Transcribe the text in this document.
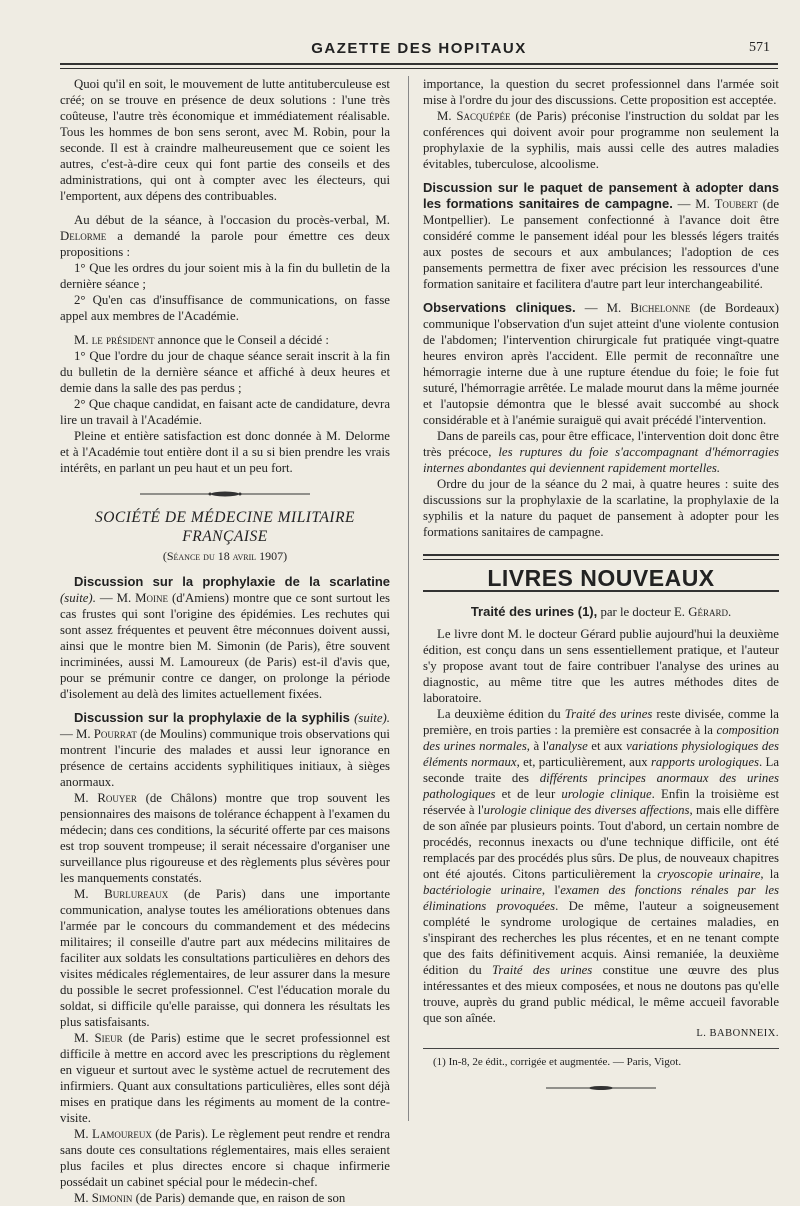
GAZETTE DES HOPITAUX	571

Quoi qu'il en soit, le mouvement de lutte antituberculeuse est créé; on se trouve en présence de deux solutions : l'une très coûteuse, l'autre très économique et immédiatement réalisable. Tous les hommes de bon sens seront, avec M. Robin, pour la seconde. Il est à craindre malheureusement que ce soient les autres, c'est-à-dire ceux qui font partie des conseils et des administrations, qui ont à compter avec les électeurs, qui l'emportent, aux dépens des contribuables.

Au début de la séance, à l'occasion du procès-verbal, M. Delorme a demandé la parole pour émettre ces deux propositions :

1° Que les ordres du jour soient mis à la fin du bulletin de la dernière séance ;

2° Qu'en cas d'insuffisance de communications, on fasse appel aux membres de l'Académie.

M. le président annonce que le Conseil a décidé :

1° Que l'ordre du jour de chaque séance serait inscrit à la fin du bulletin de la dernière séance et affiché à deux heures et demie dans la salle des pas perdus ;

2° Que chaque candidat, en faisant acte de candidature, devra lire un travail à l'Académie.

Pleine et entière satisfaction est donc donnée à M. Delorme et à l'Académie tout entière dont il a su si bien prendre les vrais intérêts, en parlant un peu haut et un peu fort.

SOCIÉTÉ DE MÉDECINE MILITAIRE FRANÇAISE
(Séance du 18 avril 1907)

Discussion sur la prophylaxie de la scarlatine (suite). — M. Moine (d'Amiens) montre que ce sont surtout les cas frustes qui sont l'origine des épidémies. Les rechutes qui sont assez fréquentes et peuvent être méconnues doivent aussi, ainsi que le montre bien M. Simonin (de Paris), être souvent incriminées, aussi M. Lamoureux (de Paris) est-il d'avis que, pour se prémunir contre ce danger, on prolonge la période d'isolement au delà des limites actuellement fixées.

Discussion sur la prophylaxie de la syphilis (suite). — M. Pourrat (de Moulins) communique trois observations qui montrent l'incurie des malades et aussi leur ignorance en présence de certains accidents syphilitiques initiaux, à sièges anormaux.

M. Rouyer (de Châlons) montre que trop souvent les pensionnaires des maisons de tolérance échappent à l'examen du médecin; dans ces conditions, la sécurité offerte par ces maisons est trop souvent trompeuse; il serait nécessaire d'organiser une surveillance plus rigoureuse et des règlements plus sévères pour les manquements constatés.

M. Burlureaux (de Paris) dans une importante communication, analyse toutes les améliorations obtenues dans l'armée par le concours du commandement et des médecins militaires; il conseille d'autre part aux médecins militaires de faciliter aux soldats les consultations particulières en dehors des visites médicales réglementaires, de leur assurer dans la mesure du possible le secret professionnel. C'est l'éducation morale du soldat, si difficile qu'elle paraisse, qui donnera les résultats les plus satisfaisants.

M. Sieur (de Paris) estime que le secret professionnel est difficile à mettre en accord avec les prescriptions du règlement en vigueur et surtout avec le système actuel de recrutement des infirmiers. Quant aux consultations particulières, elles sont déjà mises en pratique dans les régiments au moment de la contre-visite.

M. Lamoureux (de Paris). Le règlement peut rendre et rendra sans doute ces consultations réglementaires, mais elles seraient plus faciles et plus directes encore si chaque infirmerie possédait un cabinet spécial pour le médecin-chef.

M. Simonin (de Paris) demande que, en raison de son

importance, la question du secret professionnel dans l'armée soit mise à l'ordre du jour des discussions. Cette proposition est acceptée.

M. Sacquépée (de Paris) préconise l'instruction du soldat par les conférences qui doivent avoir pour programme non seulement la prophylaxie de la syphilis, mais aussi celle des autres maladies évitables, tuberculose, alcoolisme.

Discussion sur le paquet de pansement à adopter dans les formations sanitaires de campagne. — M. Toubert (de Montpellier). Le pansement confectionné à l'avance doit être considéré comme le pansement idéal pour les blessés légers traités aux postes de secours et aux ambulances; l'adoption de ces pansements permettra de fixer avec précision les ressources d'une formation sanitaire et facilitera d'autre part leur interchangeabilité.

Observations cliniques. — M. Bichelonne (de Bordeaux) communique l'observation d'un sujet atteint d'une violente contusion de l'abdomen; l'intervention chirurgicale fut pratiquée vingt-quatre heures environ après l'accident. Elle permit de reconnaître une hémorragie interne due à une rupture étendue du foie; le foie fut suturé, l'hémorragie arrêtée. Le malade mourut dans la même journée et l'autopsie démontra que le blessé avait succombé au shock considérable et à l'anémie suraiguë qui avait précédé l'intervention.

Dans de pareils cas, pour être efficace, l'intervention doit donc être très précoce, les ruptures du foie s'accompagnant d'hémorragies internes abondantes qui deviennent rapidement mortelles.

Ordre du jour de la séance du 2 mai, à quatre heures : suite des discussions sur la prophylaxie de la scarlatine, la prophylaxie de la syphilis et la nature du paquet de pansement à adopter pour les formations sanitaires de campagne.

LIVRES NOUVEAUX
Traité des urines (1), par le docteur E. Gérard.

Le livre dont M. le docteur Gérard publie aujourd'hui la deuxième édition, est conçu dans un sens essentiellement pratique, et l'auteur s'y propose avant tout de faire contribuer l'analyse des urines au diagnostic, au même titre que les autres méthodes dites de laboratoire.

La deuxième édition du Traité des urines reste divisée, comme la première, en trois parties : la première est consacrée à la composition des urines normales, à l'analyse et aux variations physiologiques des éléments normaux, et, particulièrement, aux rapports urologiques. La seconde traite des différents principes anormaux des urines pathologiques et de leur urologie clinique. Enfin la troisième est réservée à l'urologie clinique des diverses affections, mais elle diffère de son aînée par plusieurs points. Tout d'abord, un certain nombre de procédés, reconnus inexacts ou d'une technique difficile, ont été remplacés par des procédés plus sûrs. De plus, de nouveaux chapitres ont été ajoutés. Citons particulièrement la cryoscopie urinaire, la bactériologie urinaire, l'examen des fonctions rénales par les éliminations provoquées. De même, l'auteur a soigneusement complété le syndrome urologique de certaines maladies, en s'inspirant des recherches les plus récentes, et en ne tenant compte que des faits définitivement acquis. Ainsi remaniée, la deuxième édition du Traité des urines constitue une œuvre des plus intéressantes et des mieux composées, et nous ne doutons pas qu'elle trouve, auprès du grand public médical, le même accueil favorable que son aînée.

L. BABONNEIX.

(1) In-8, 2e édit., corrigée et augmentée. — Paris, Vigot.
